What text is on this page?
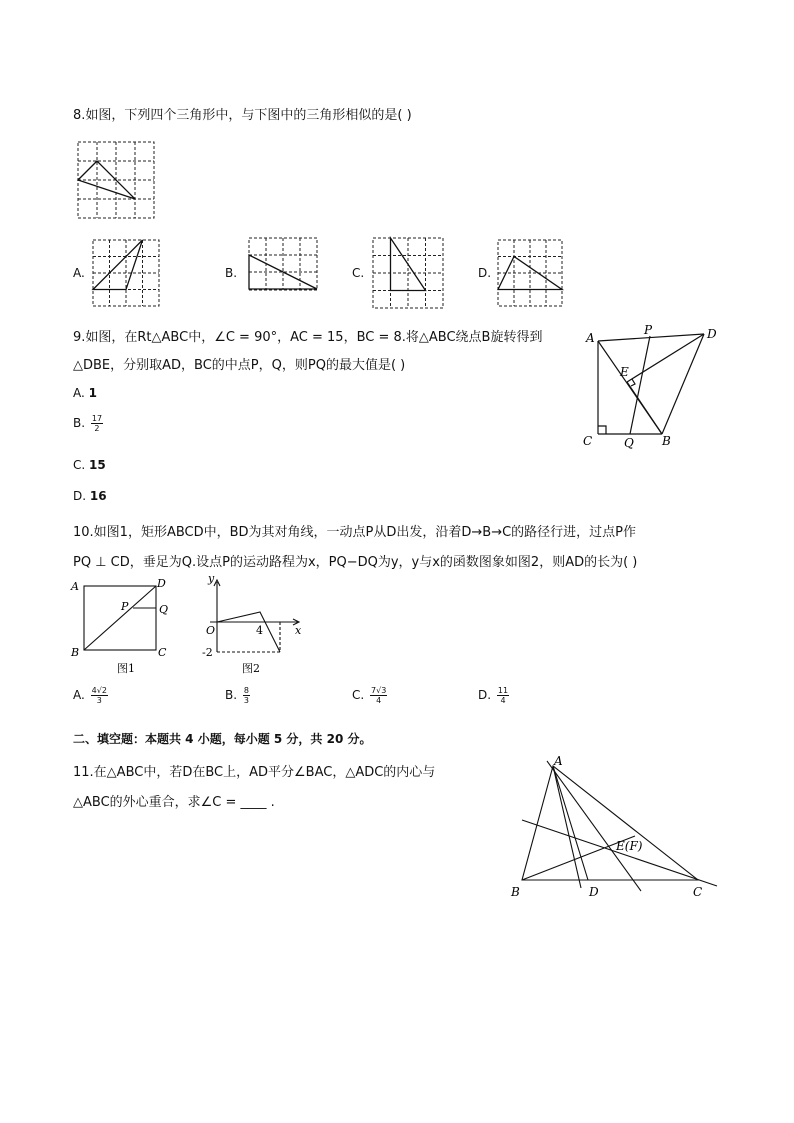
8.如图，下列四个三角形中，与下图中的三角形相似的是( )
A.	B.	C.	D.
9.如图，在Rt△ABC中，∠C = 90°，AC = 15，BC = 8.将△ABC绕点B旋转得到
△DBE，分别取AD，BC的中点P，Q，则PQ的最大值是( )
A. 1
B. $\frac{17}{2}$
C. 15
D. 16
A
P	D
E
C	Q B
10.如图1，矩形ABCD中，BD为其对角线，一动点P从D出发，沿着D→B→C的路径行进，过点P作
PQ ⊥ CD，垂足为Q.设点P的运动路程为x，PQ−DQ为y，y与x的函数图象如图2，则AD的长为( )
A	D
P	Q
B	C
图1
y
O	x
4
-2
图2
A. $\frac{4√2}{3}$	B. $\frac{8}{3}$	C. $\frac{7√3}{4}$	D. $\frac{11}{4}$
二、填空题：本题共 4 小题，每小题 5 分，共 20 分。
11.在△ABC中，若D在BC上，AD平分∠BAC，△ADC的内心与
△ABC的外心重合，求∠C = ____ .
A
E(F)
B	D	C
